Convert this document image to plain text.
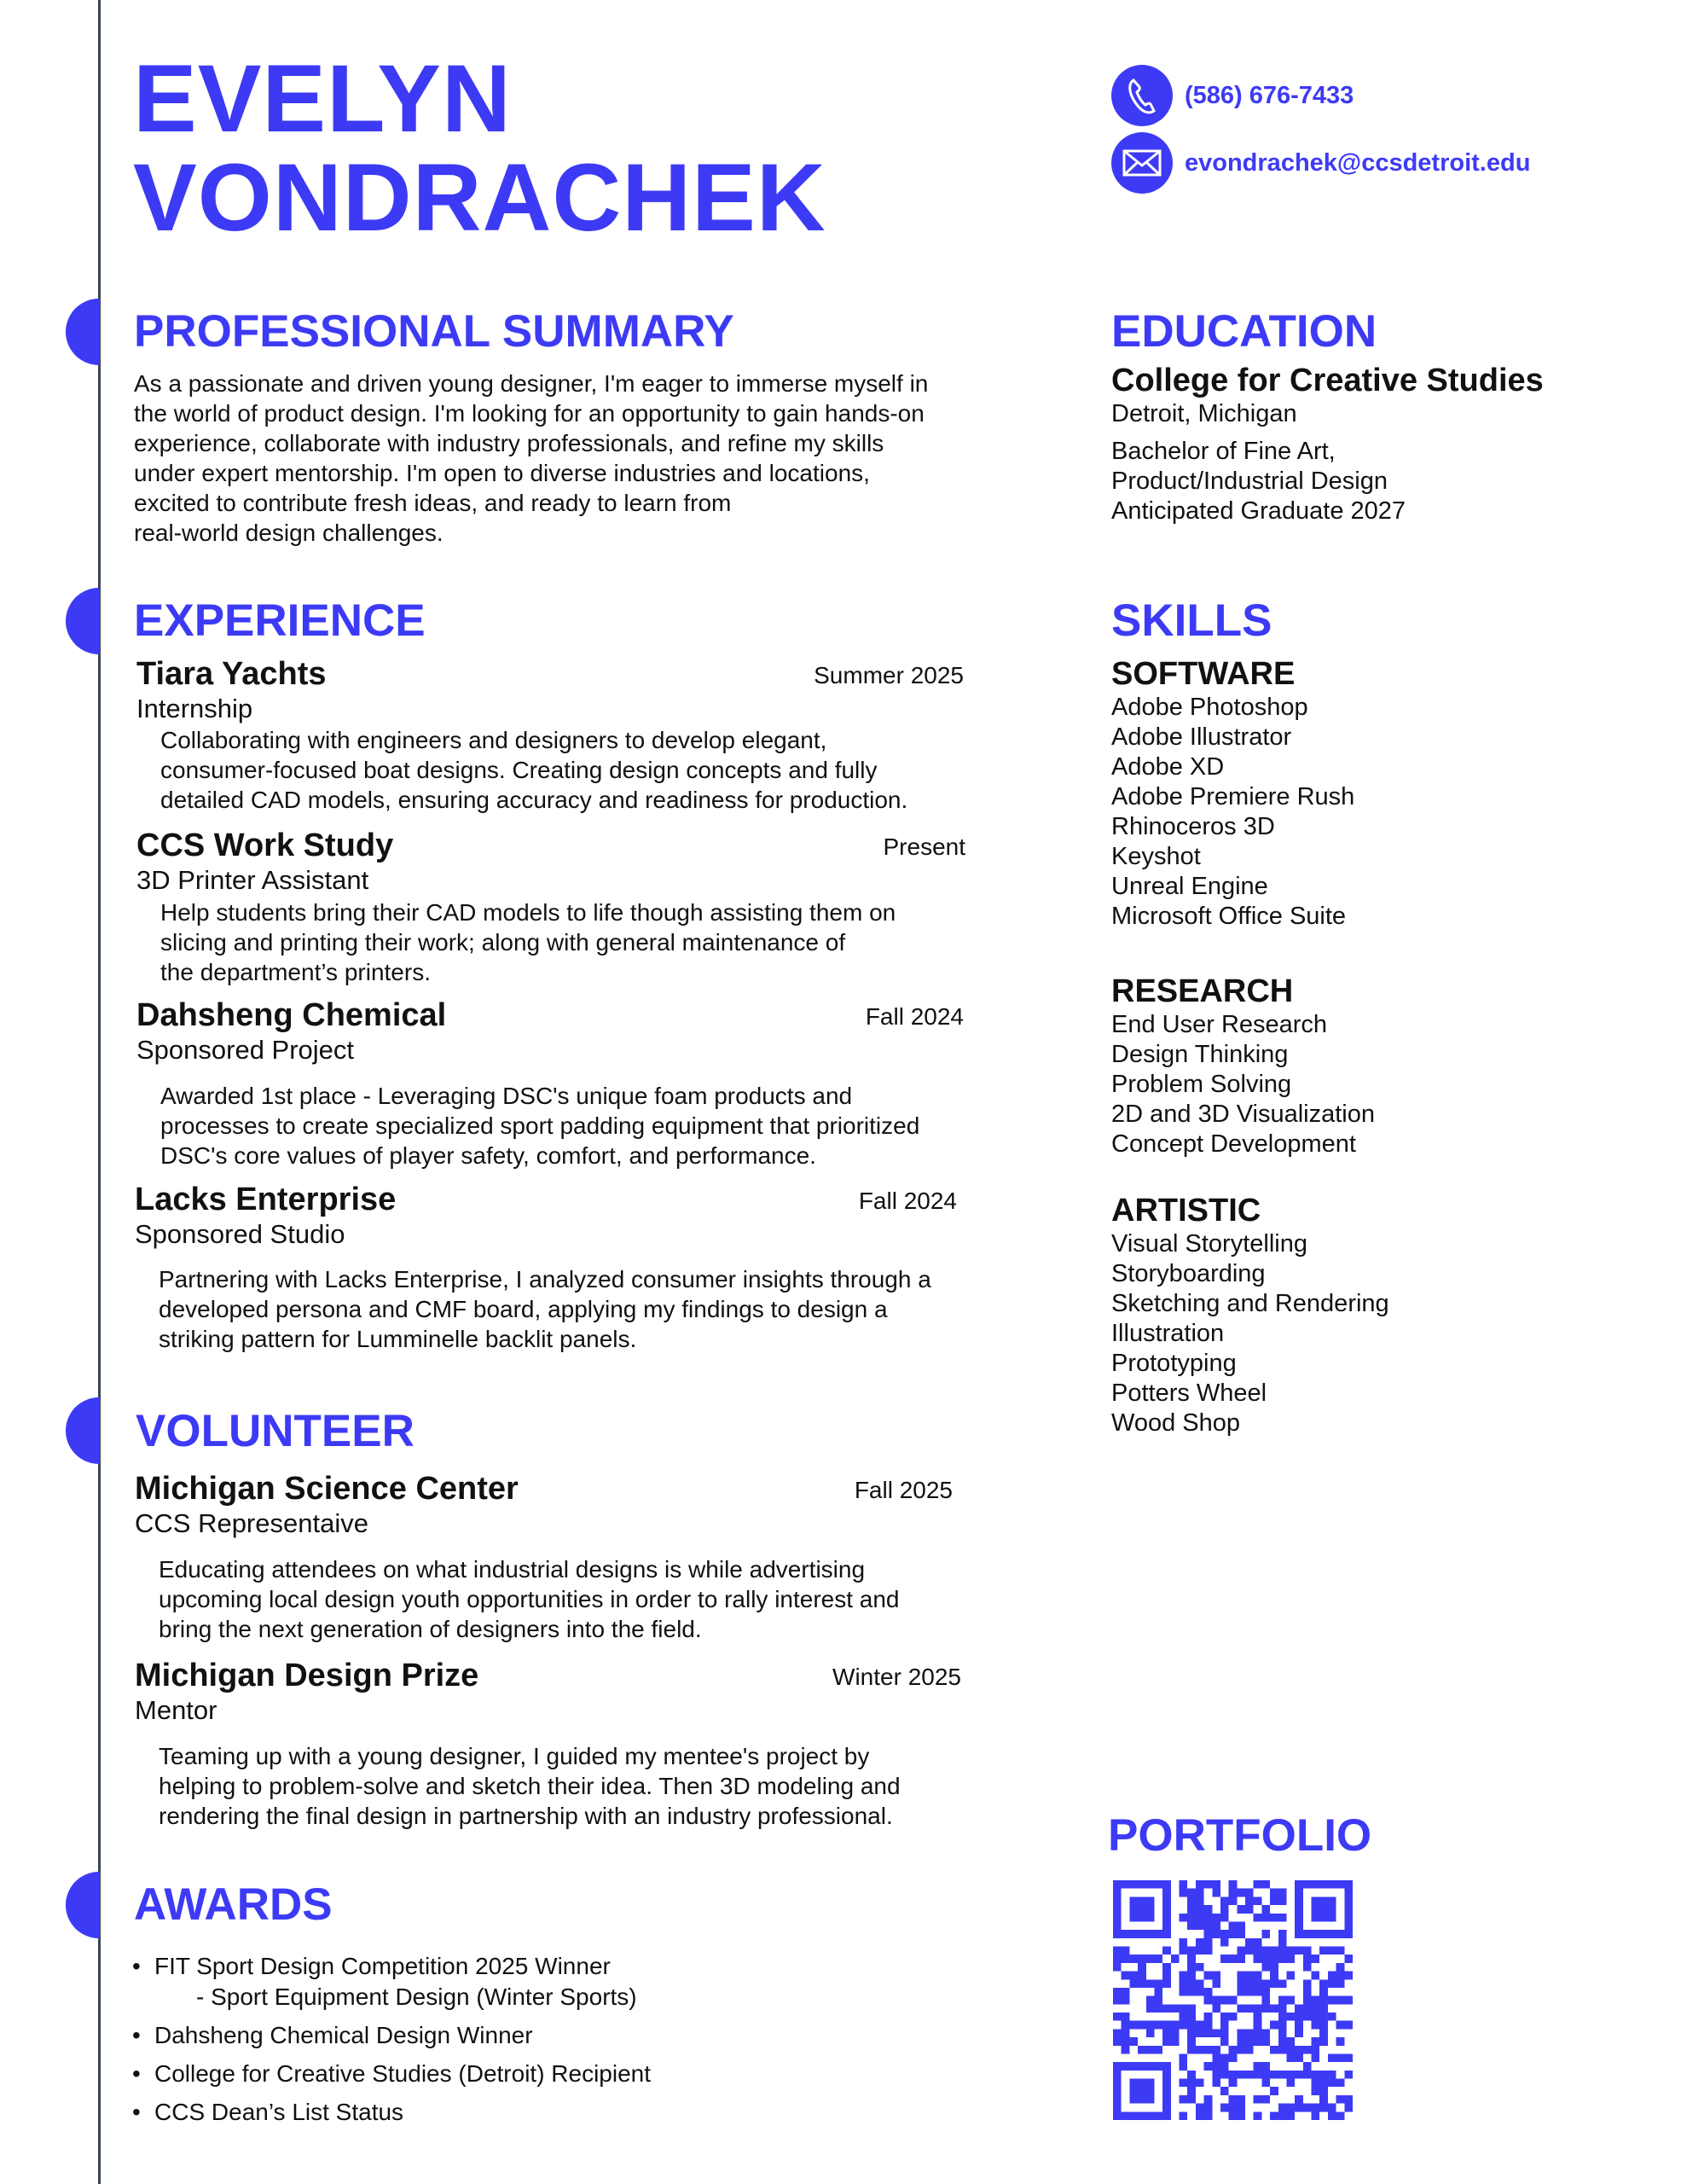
EVELYN
VONDRACHEK
(586) 676-7433
evondrachek@ccsdetroit.edu
PROFESSIONAL SUMMARY
As a passionate and driven young designer, I'm eager to immerse myself in
the world of product design. I'm looking for an opportunity to gain hands-on
experience, collaborate with industry professionals, and refine my skills
under expert mentorship. I'm open to diverse industries and locations,
excited to contribute fresh ideas, and ready to learn from
real-world design challenges.
EDUCATION
College for Creative Studies
Detroit, Michigan
Bachelor of Fine Art,
Product/Industrial Design
Anticipated Graduate 2027
EXPERIENCE
VOLUNTEER
AWARDS
SKILLS
PORTFOLIO
Tiara Yachts	Summer 2025
Internship
Collaborating with engineers and designers to develop elegant,
consumer-focused boat designs. Creating design concepts and fully
detailed CAD models, ensuring accuracy and readiness for production.
CCS Work Study	Present
3D Printer Assistant
Help students bring their CAD models to life though assisting them on
slicing and printing their work; along with general maintenance of
the department’s printers.
Dahsheng Chemical	Fall 2024
Sponsored Project
Awarded 1st place - Leveraging DSC's unique foam products and
processes to create specialized sport padding equipment that prioritized
DSC's core values of player safety, comfort, and performance.
Lacks Enterprise	Fall 2024
Sponsored Studio
Partnering with Lacks Enterprise, I analyzed consumer insights through a
developed persona and CMF board, applying my findings to design a
striking pattern for Lumminelle backlit panels.
Michigan Science Center	Fall 2025
CCS Representaive
Educating attendees on what industrial designs is while advertising
upcoming local design youth opportunities in order to rally interest and
bring the next generation of designers into the field.
Michigan Design Prize	Winter 2025
Mentor
Teaming up with a young designer, I guided my mentee's project by
helping to problem-solve and sketch their idea. Then 3D modeling and
rendering the final design in partnership with an industry professional.
• FIT Sport Design Competition 2025 Winner
- Sport Equipment Design (Winter Sports)
• Dahsheng Chemical Design Winner
• College for Creative Studies (Detroit) Recipient
• CCS Dean’s List Status
SOFTWARE
Adobe Photoshop
Adobe Illustrator
Adobe XD
Adobe Premiere Rush
Rhinoceros 3D
Keyshot
Unreal Engine
Microsoft Office Suite
RESEARCH
End User Research
Design Thinking
Problem Solving
2D and 3D Visualization
Concept Development
ARTISTIC
Visual Storytelling
Storyboarding
Sketching and Rendering
Illustration
Prototyping
Potters Wheel
Wood Shop
